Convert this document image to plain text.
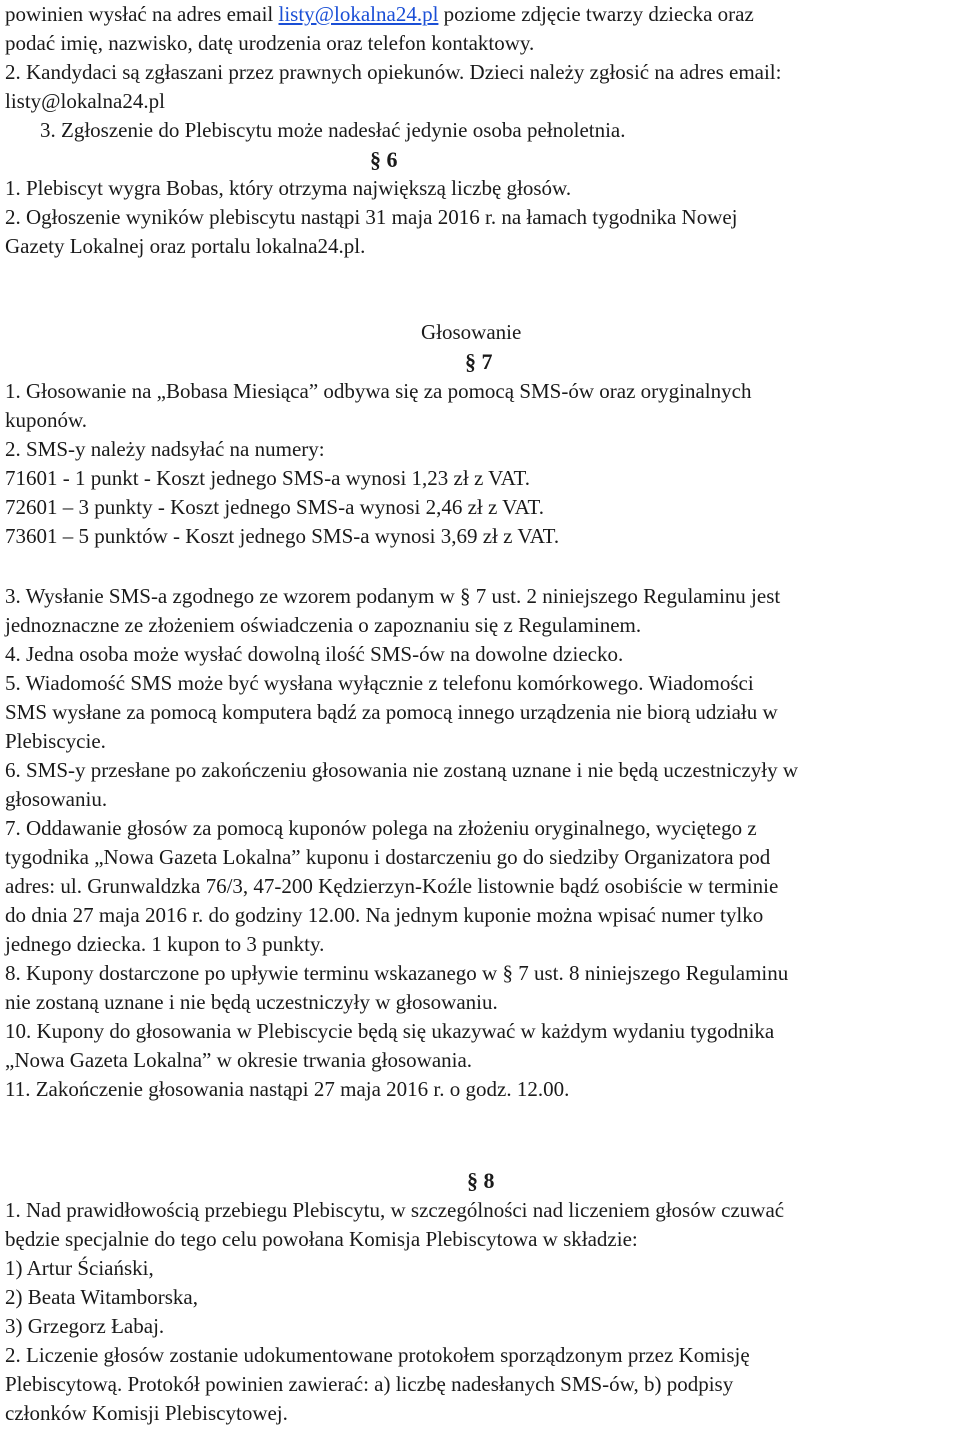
powinien wysłać na adres email listy@lokalna24.pl poziome zdjęcie twarzy dziecka oraz
podać imię, nazwisko, datę urodzenia oraz telefon kontaktowy.
2. Kandydaci są zgłaszani przez prawnych opiekunów. Dzieci należy zgłosić na adres email:
listy@lokalna24.pl
3. Zgłoszenie do Plebiscytu może nadesłać jedynie osoba pełnoletnia.
§ 6
1. Plebiscyt wygra Bobas, który otrzyma największą liczbę głosów.
2. Ogłoszenie wyników plebiscytu nastąpi 31 maja 2016 r. na łamach tygodnika Nowej
Gazety Lokalnej oraz portalu lokalna24.pl.
Głosowanie
§ 7
1. Głosowanie na „Bobasa Miesiąca” odbywa się za pomocą SMS-ów oraz oryginalnych
kuponów.
2. SMS-y należy nadsyłać na numery:
71601 - 1 punkt - Koszt jednego SMS-a wynosi 1,23 zł z VAT.
72601 – 3 punkty - Koszt jednego SMS-a wynosi 2,46 zł z VAT.
73601 – 5 punktów - Koszt jednego SMS-a wynosi 3,69 zł z VAT.
3. Wysłanie SMS-a zgodnego ze wzorem podanym w § 7 ust. 2 niniejszego Regulaminu jest
jednoznaczne ze złożeniem oświadczenia o zapoznaniu się z Regulaminem.
4. Jedna osoba może wysłać dowolną ilość SMS-ów na dowolne dziecko.
5. Wiadomość SMS może być wysłana wyłącznie z telefonu komórkowego. Wiadomości
SMS wysłane za pomocą komputera bądź za pomocą innego urządzenia nie biorą udziału w
Plebiscycie.
6. SMS-y przesłane po zakończeniu głosowania nie zostaną uznane i nie będą uczestniczyły w
głosowaniu.
7. Oddawanie głosów za pomocą kuponów polega na złożeniu oryginalnego, wyciętego z
tygodnika „Nowa Gazeta Lokalna” kuponu i dostarczeniu go do siedziby Organizatora pod
adres: ul. Grunwaldzka 76/3, 47-200 Kędzierzyn-Koźle listownie bądź osobiście w terminie
do dnia 27 maja 2016 r. do godziny 12.00. Na jednym kuponie można wpisać numer tylko
jednego dziecka. 1 kupon to 3 punkty.
8. Kupony dostarczone po upływie terminu wskazanego w § 7 ust. 8 niniejszego Regulaminu
nie zostaną uznane i nie będą uczestniczyły w głosowaniu.
10. Kupony do głosowania w Plebiscycie będą się ukazywać w każdym wydaniu tygodnika
„Nowa Gazeta Lokalna” w okresie trwania głosowania.
11. Zakończenie głosowania nastąpi 27 maja 2016 r. o godz. 12.00.
§ 8
1. Nad prawidłowością przebiegu Plebiscytu, w szczególności nad liczeniem głosów czuwać
będzie specjalnie do tego celu powołana Komisja Plebiscytowa w składzie:
1) Artur Ściański,
2) Beata Witamborska,
3) Grzegorz Łabaj.
2. Liczenie głosów zostanie udokumentowane protokołem sporządzonym przez Komisję
Plebiscytową. Protokół powinien zawierać: a) liczbę nadesłanych SMS-ów, b) podpisy
członków Komisji Plebiscytowej.
